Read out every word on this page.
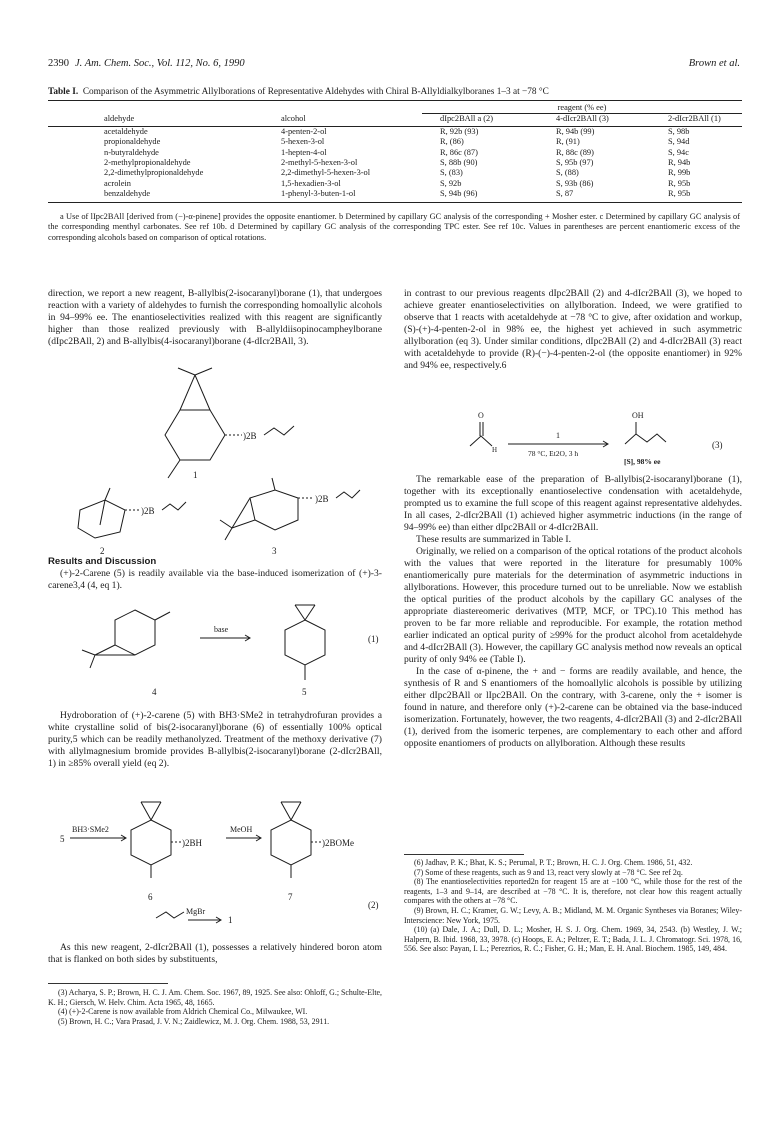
2390 J. Am. Chem. Soc., Vol. 112, No. 6, 1990	Brown et al.
Table I. Comparison of the Asymmetric Allylborations of Representative Aldehydes with Chiral B-Allyldialkylboranes 1–3 at −78 °C
		reagent (% ee)		
aldehyde	alcohol	dIpc2BAll a (2)	4-dIcr2BAll (3)	2-dIcr2BAll (1)
acetaldehyde	4-penten-2-ol	R, 92b (93)	R, 94b (99)	S, 98b
propionaldehyde	5-hexen-3-ol	R, (86)	R, (91)	S, 94d
n-butyraldehyde	1-hepten-4-ol	R, 86c (87)	R, 88c (89)	S, 94c
2-methylpropionaldehyde	2-methyl-5-hexen-3-ol	S, 88b (90)	S, 95b (97)	R, 94b
2,2-dimethylpropionaldehyde	2,2-dimethyl-5-hexen-3-ol	S, (83)	S, (88)	R, 99b
acrolein	1,5-hexadien-3-ol	S, 92b	S, 93b (86)	R, 95b
benzaldehyde	1-phenyl-3-buten-1-ol	S, 94b (96)	S, 87	R, 95b
a Use of lIpc2BAll [derived from (−)-α-pinene] provides the opposite enantiomer. b Determined by capillary GC analysis of the corresponding + Mosher ester. c Determined by capillary GC analysis of the corresponding menthyl carbonates. See ref 10b. d Determined by capillary GC analysis of the corresponding TPC ester. See ref 10c. Values in parentheses are percent enantiomeric excess of the corresponding alcohols based on comparison of optical rotations.

direction, we report a new reagent, B-allylbis(2-isocaranyl)borane (1), that undergoes reaction with a variety of aldehydes to furnish the corresponding homoallylic alcohols in 94–99% ee. The enantioselectivities realized with this reagent are significantly higher than those realized previously with B-allyldiisopinocampheylborane (dIpc2BAll, 2) and B-allylbis(4-isocaranyl)borane (4-dIcr2BAll, 3).

)2B
1
)2B
2
)2B
3

Results and Discussion

(+)-2-Carene (5) is readily available via the base-induced isomerization of (+)-3-carene3,4 (4, eq 1).

4
base
5
(1)

Hydroboration of (+)-2-carene (5) with BH3·SMe2 in tetrahydrofuran provides a white crystalline solid of bis(2-isocaranyl)borane (6) of essentially 100% optical purity,5 which can be readily methanolyzed. Treatment of the methoxy derivative (7) with allylmagnesium bromide provides B-allylbis(2-isocaranyl)borane (2-dIcr2BAll, 1) in ≥85% overall yield (eq 2).

5
BH3·SMe2
)2BH
6
MeOH
)2BOMe
7
(2)
MgBr
1

As this new reagent, 2-dIcr2BAll (1), possesses a relatively hindered boron atom that is flanked on both sides by substituents,

(3) Acharya, S. P.; Brown, H. C. J. Am. Chem. Soc. 1967, 89, 1925. See also: Ohloff, G.; Schulte-Elte, K. H.; Giersch, W. Helv. Chim. Acta 1965, 48, 1665.

(4) (+)-2-Carene is now available from Aldrich Chemical Co., Milwaukee, WI.

(5) Brown, H. C.; Vara Prasad, J. V. N.; Zaidlewicz, M. J. Org. Chem. 1988, 53, 2911.

in contrast to our previous reagents dIpc2BAll (2) and 4-dIcr2BAll (3), we hoped to achieve greater enantioselectivities on allylboration. Indeed, we were gratified to observe that 1 reacts with acetaldehyde at −78 °C to give, after oxidation and workup, (S)-(+)-4-penten-2-ol in 98% ee, the highest yet achieved in such asymmetric allylboration (eq 3). Under similar conditions, dIpc2BAll (2) and 4-dIcr2BAll (3) react with acetaldehyde to provide (R)-(−)-4-penten-2-ol (the opposite enantiomer) in 92% and 94% ee, respectively.6

O
H
1
78 °C, Et2O, 3 h
OH
[S], 98% ee
(3)

The remarkable ease of the preparation of B-allylbis(2-isocaranyl)borane (1), together with its exceptionally enantioselective condensation with acetaldehyde, prompted us to examine the full scope of this reagent against representative aldehydes. In all cases, 2-dIcr2BAll (1) achieved higher asymmetric inductions (in the range of 94–99% ee) than either dIpc2BAll or 4-dIcr2BAll.

These results are summarized in Table I.

Originally, we relied on a comparison of the optical rotations of the product alcohols with the values that were reported in the literature for presumably 100% enantiomerically pure materials for the determination of asymmetric inductions in allylborations. However, this procedure turned out to be unreliable. Now we establish the optical purities of the product alcohols by the capillary GC analyses of the appropriate diastereomeric derivatives (MTP, MCF, or TPC).10 This method has proven to be far more reliable and reproducible. For example, the rotation method earlier indicated an optical purity of ≥99% for the product alcohol from acetaldehyde and 4-dIcr2BAll (3). However, the capillary GC analysis method now reveals an optical purity of only 94% ee (Table I).

In the case of α-pinene, the + and − forms are readily available, and hence, the synthesis of R and S enantiomers of the homoallylic alcohols is possible by utilizing either dIpc2BAll or lIpc2BAll. On the contrary, with 3-carene, only the + isomer is found in nature, and therefore only (+)-2-carene can be obtained via the base-induced isomerization. Fortunately, however, the two reagents, 4-dIcr2BAll (3) and 2-dIcr2BAll (1), derived from the isomeric terpenes, are complementary to each other and afford opposite enantiomers of products on allylboration. Although these results

(6) Jadhav, P. K.; Bhat, K. S.; Perumal, P. T.; Brown, H. C. J. Org. Chem. 1986, 51, 432.

(7) Some of these reagents, such as 9 and 13, react very slowly at −78 °C. See ref 2q.

(8) The enantioselectivities reported2n for reagent 15 are at −100 °C, while those for the rest of the reagents, 1–3 and 9–14, are described at −78 °C. It is, therefore, not clear how this reagent actually compares with the others at −78 °C.

(9) Brown, H. C.; Kramer, G. W.; Levy, A. B.; Midland, M. M. Organic Syntheses via Boranes; Wiley-Interscience: New York, 1975.

(10) (a) Dale, J. A.; Dull, D. L.; Mosher, H. S. J. Org. Chem. 1969, 34, 2543. (b) Westley, J. W.; Halpern, B. Ibid. 1968, 33, 3978. (c) Hoops, E. A.; Peltzer, E. T.; Bada, J. L. J. Chromatogr. Sci. 1978, 16, 556. See also: Payan, I. L.; Perezrios, R. C.; Fisher, G. H.; Man, E. H. Anal. Biochem. 1985, 149, 484.
